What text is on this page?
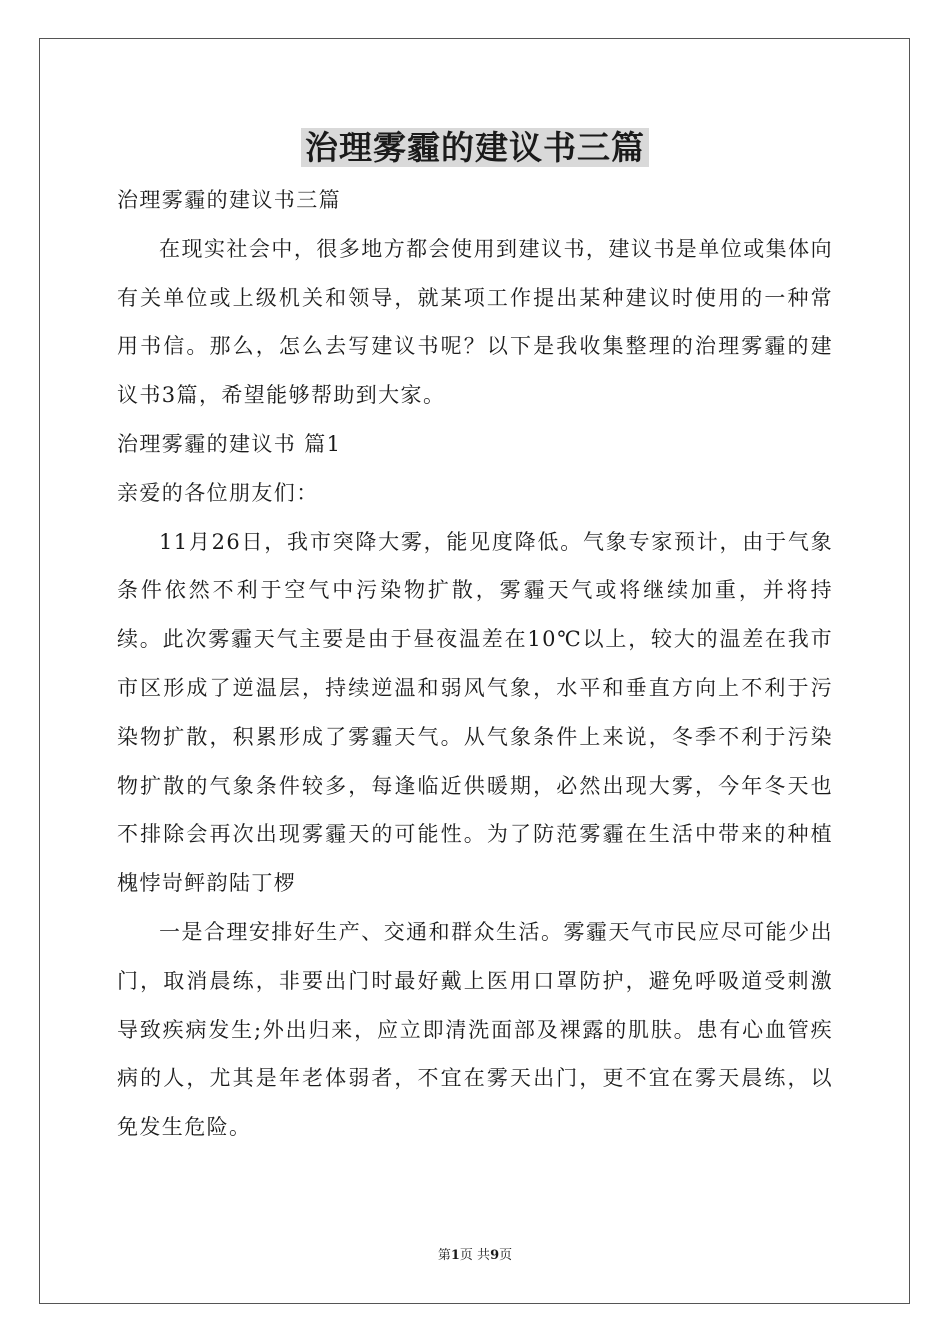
治理雾霾的建议书三篇

治理雾霾的建议书三篇

在现实社会中，很多地方都会使用到建议书，建议书是单位或集体向有关单位或上级机关和领导，就某项工作提出某种建议时使用的一种常用书信。那么，怎么去写建议书呢？以下是我收集整理的治理雾霾的建议书3篇，希望能够帮助到大家。

治理雾霾的建议书 篇1

亲爱的各位朋友们：

11月26日，我市突降大雾，能见度降低。气象专家预计，由于气象条件依然不利于空气中污染物扩散，雾霾天气或将继续加重，并将持续。此次雾霾天气主要是由于昼夜温差在10℃以上，较大的温差在我市市区形成了逆温层，持续逆温和弱风气象，水平和垂直方向上不利于污染物扩散，积累形成了雾霾天气。从气象条件上来说，冬季不利于污染物扩散的气象条件较多，每逢临近供暖期，必然出现大雾，今年冬天也不排除会再次出现雾霾天的可能性。为了防范雾霾在生活中带来的种植槐悖岢鲆韵陆丁椤

一是合理安排好生产、交通和群众生活。雾霾天气市民应尽可能少出门，取消晨练，非要出门时最好戴上医用口罩防护，避免呼吸道受刺激导致疾病发生;外出归来，应立即清洗面部及裸露的肌肤。患有心血管疾病的人，尤其是年老体弱者，不宜在雾天出门，更不宜在雾天晨练，以免发生危险。

第1页 共9页
